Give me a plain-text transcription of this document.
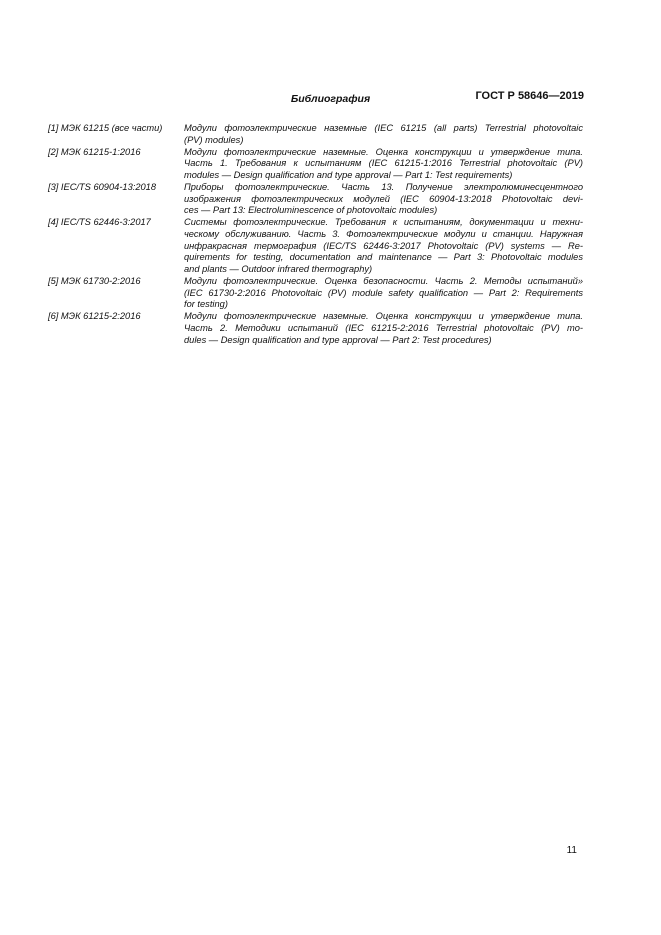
ГОСТ Р 58646—2019
Библиография
[1] МЭК 61215 (все части)	Модули фотоэлектрические наземные (IEC 61215 (all parts) Terrestrial photovoltaic
(PV) modules)
[2] МЭК 61215-1:2016	Модули фотоэлектрические наземные. Оценка конструкции и утверждение типа.
Часть 1. Требования к испытаниям (IEC 61215-1:2016 Terrestrial photovoltaic (PV)
modules — Design qualification and type approval — Part 1: Test requirements)
[3] IEC/TS 60904-13:2018	Приборы фотоэлектрические. Часть 13. Получение электролюминесцентного
изображения фотоэлектрических модулей (IEC 60904-13:2018 Photovoltaic devi-
ces — Part 13: Electroluminescence of photovoltaic modules)
[4] IEC/TS 62446-3:2017	Системы фотоэлектрические. Требования к испытаниям, документации и техни-
ческому обслуживанию. Часть 3. Фотоэлектрические модули и станции. Наружная
инфракрасная термография (IEC/TS 62446-3:2017 Photovoltaic (PV) systems — Re-
quirements for testing, documentation and maintenance — Part 3: Photovoltaic modules
and plants — Outdoor infrared thermography)
[5] МЭК 61730-2:2016	Модули фотоэлектрические. Оценка безопасности. Часть 2. Методы испытаний»
(IEC 61730-2:2016 Photovoltaic (PV) module safety qualification — Part 2: Requirements
for testing)
[6] МЭК 61215-2:2016	Модули фотоэлектрические наземные. Оценка конструкции и утверждение типа.
Часть 2. Методики испытаний (IEC 61215-2:2016 Terrestrial photovoltaic (PV) mo-
dules — Design qualification and type approval — Part 2: Test procedures)
11
